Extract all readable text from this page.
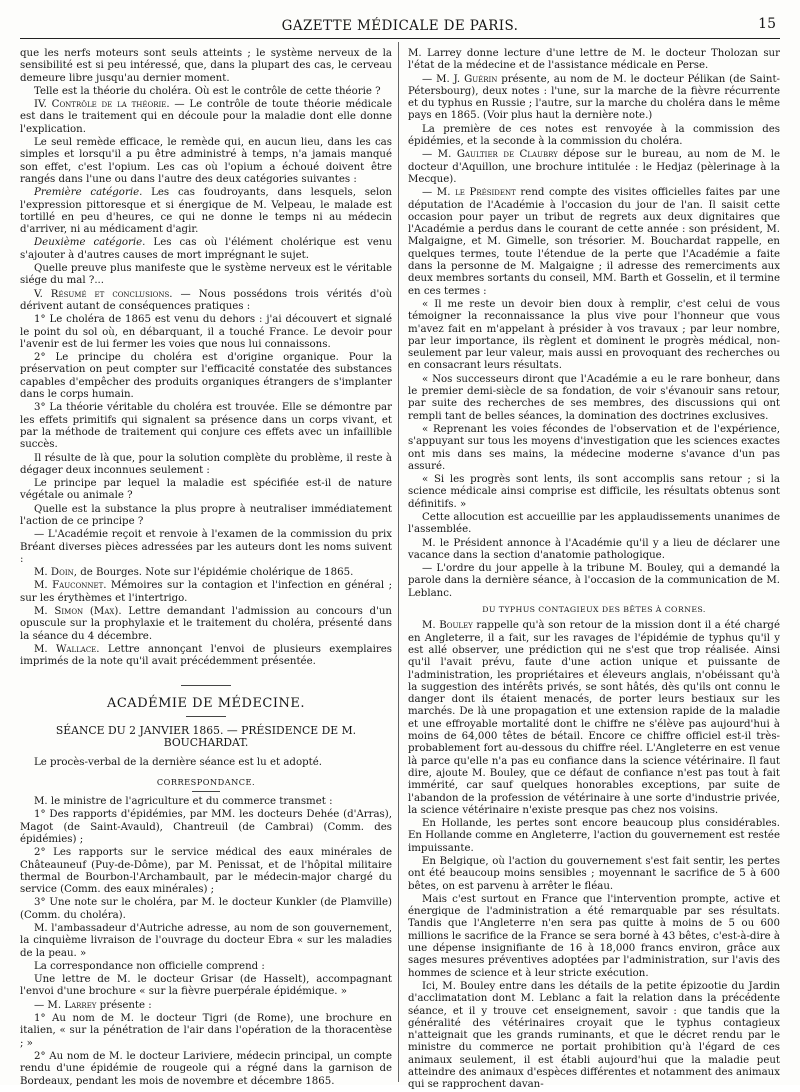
GAZETTE MÉDICALE DE PARIS.	15

que les nerfs moteurs sont seuls atteints ; le système nerveux de la sensibilité est si peu intéressé, que, dans la plupart des cas, le cerveau demeure libre jusqu'au dernier moment.

Telle est la théorie du choléra. Où est le contrôle de cette théorie ?

IV. Contrôle de la théorie. — Le contrôle de toute théorie médicale est dans le traitement qui en découle pour la maladie dont elle donne l'explication.

Le seul remède efficace, le remède qui, en aucun lieu, dans les cas simples et lorsqu'il a pu être administré à temps, n'a jamais manqué son effet, c'est l'opium. Les cas où l'opium a échoué doivent être rangés dans l'une ou dans l'autre des deux catégories suivantes :

Première catégorie. Les cas foudroyants, dans lesquels, selon l'expression pittoresque et si énergique de M. Velpeau, le malade est tortillé en peu d'heures, ce qui ne donne le temps ni au médecin d'arriver, ni au médicament d'agir.

Deuxième catégorie. Les cas où l'élément cholérique est venu s'ajouter à d'autres causes de mort imprégnant le sujet.

Quelle preuve plus manifeste que le système nerveux est le véritable siége du mal ?...

V. Résumé et conclusions. — Nous possédons trois vérités d'où dérivent autant de conséquences pratiques :

1° Le choléra de 1865 est venu du dehors : j'ai découvert et signalé le point du sol où, en débarquant, il a touché France. Le devoir pour l'avenir est de lui fermer les voies que nous lui connaissons.

2° Le principe du choléra est d'origine organique. Pour la préservation on peut compter sur l'efficacité constatée des substances capables d'empêcher des produits organiques étrangers de s'implanter dans le corps humain.

3° La théorie véritable du choléra est trouvée. Elle se démontre par les effets primitifs qui signalent sa présence dans un corps vivant, et par la méthode de traitement qui conjure ces effets avec un infaillible succès.

Il résulte de là que, pour la solution complète du problème, il reste à dégager deux inconnues seulement :

Le principe par lequel la maladie est spécifiée est-il de nature végétale ou animale ?

Quelle est la substance la plus propre à neutraliser immédiatement l'action de ce principe ?

— L'Académie reçoit et renvoie à l'examen de la commission du prix Bréant diverses pièces adressées par les auteurs dont les noms suivent :

M. Doin, de Bourges. Note sur l'épidémie cholérique de 1865.

M. Fauconnet. Mémoires sur la contagion et l'infection en général ; sur les érythèmes et l'intertrigo.

M. Simon (Max). Lettre demandant l'admission au concours d'un opuscule sur la prophylaxie et le traitement du choléra, présenté dans la séance du 4 décembre.

M. Wallace. Lettre annonçant l'envoi de plusieurs exemplaires imprimés de la note qu'il avait précédemment présentée.

ACADÉMIE DE MÉDECINE.
SÉANCE DU 2 JANVIER 1865. — PRÉSIDENCE DE M. BOUCHARDAT.

Le procès-verbal de la dernière séance est lu et adopté.

CORRESPONDANCE.

M. le ministre de l'agriculture et du commerce transmet :

1° Des rapports d'épidémies, par MM. les docteurs Dehée (d'Arras), Magot (de Saint-Avauld), Chantreuil (de Cambrai) (Comm. des épidémies) ;

2° Les rapports sur le service médical des eaux minérales de Châteauneuf (Puy-de-Dôme), par M. Penissat, et de l'hôpital militaire thermal de Bourbon-l'Archambault, par le médecin-major chargé du service (Comm. des eaux minérales) ;

3° Une note sur le choléra, par M. le docteur Kunkler (de Plamville) (Comm. du choléra).

M. l'ambassadeur d'Autriche adresse, au nom de son gouvernement, la cinquième livraison de l'ouvrage du docteur Ebra « sur les maladies de la peau. »

La correspondance non officielle comprend :

Une lettre de M. le docteur Grisar (de Hasselt), accompagnant l'envoi d'une brochure « sur la fièvre puerpérale épidémique. »

— M. Larrey présente :

1° Au nom de M. le docteur Tigri (de Rome), une brochure en italien, « sur la pénétration de l'air dans l'opération de la thoracentèse ; »

2° Au nom de M. le docteur Lariviere, médecin principal, un compte rendu d'une épidémie de rougeole qui a régné dans la garnison de Bordeaux, pendant les mois de novembre et décembre 1865.

M. Larrey donne lecture d'une lettre de M. le docteur Tholozan sur l'état de la médecine et de l'assistance médicale en Perse.

— M. J. Guérin présente, au nom de M. le docteur Pélikan (de Saint-Pétersbourg), deux notes : l'une, sur la marche de la fièvre récurrente et du typhus en Russie ; l'autre, sur la marche du choléra dans le même pays en 1865. (Voir plus haut la dernière note.)

La première de ces notes est renvoyée à la commission des épidémies, et la seconde à la commission du choléra.

— M. Gaultier de Claubry dépose sur le bureau, au nom de M. le docteur d'Aquillon, une brochure intitulée : le Hedjaz (pèlerinage à la Mecque).

— M. le Président rend compte des visites officielles faites par une députation de l'Académie à l'occasion du jour de l'an. Il saisit cette occasion pour payer un tribut de regrets aux deux dignitaires que l'Académie a perdus dans le courant de cette année : son président, M. Malgaigne, et M. Gimelle, son trésorier. M. Bouchardat rappelle, en quelques termes, toute l'étendue de la perte que l'Académie a faite dans la personne de M. Malgaigne ; il adresse des remerciments aux deux membres sortants du conseil, MM. Barth et Gosselin, et il termine en ces termes :

« Il me reste un devoir bien doux à remplir, c'est celui de vous témoigner la reconnaissance la plus vive pour l'honneur que vous m'avez fait en m'appelant à présider à vos travaux ; par leur nombre, par leur importance, ils règlent et dominent le progrès médical, non-seulement par leur valeur, mais aussi en provoquant des recherches ou en consacrant leurs résultats.

« Nos successeurs diront que l'Académie a eu le rare bonheur, dans le premier demi-siècle de sa fondation, de voir s'évanouir sans retour, par suite des recherches de ses membres, des discussions qui ont rempli tant de belles séances, la domination des doctrines exclusives.

« Reprenant les voies fécondes de l'observation et de l'expérience, s'appuyant sur tous les moyens d'investigation que les sciences exactes ont mis dans ses mains, la médecine moderne s'avance d'un pas assuré.

« Si les progrès sont lents, ils sont accomplis sans retour ; si la science médicale ainsi comprise est difficile, les résultats obtenus sont définitifs. »

Cette allocution est accueillie par les applaudissements unanimes de l'assemblée.

M. le Président annonce à l'Académie qu'il y a lieu de déclarer une vacance dans la section d'anatomie pathologique.

— L'ordre du jour appelle à la tribune M. Bouley, qui a demandé la parole dans la dernière séance, à l'occasion de la communication de M. Leblanc.

DU TYPHUS CONTAGIEUX DES BÊTES À CORNES.

M. Bouley rappelle qu'à son retour de la mission dont il a été chargé en Angleterre, il a fait, sur les ravages de l'épidémie de typhus qu'il y est allé observer, une prédiction qui ne s'est que trop réalisée. Ainsi qu'il l'avait prévu, faute d'une action unique et puissante de l'administration, les propriétaires et éleveurs anglais, n'obéissant qu'à la suggestion des intérêts privés, se sont hâtés, dès qu'ils ont connu le danger dont ils étaient menacés, de porter leurs bestiaux sur les marchés. De là une propagation et une extension rapide de la maladie et une effroyable mortalité dont le chiffre ne s'élève pas aujourd'hui à moins de 64,000 têtes de bétail. Encore ce chiffre officiel est-il très-probablement fort au-dessous du chiffre réel. L'Angleterre en est venue là parce qu'elle n'a pas eu confiance dans la science vétérinaire. Il faut dire, ajoute M. Bouley, que ce défaut de confiance n'est pas tout à fait immérité, car sauf quelques honorables exceptions, par suite de l'abandon de la profession de vétérinaire à une sorte d'industrie privée, la science vétérinaire n'existe presque pas chez nos voisins.

En Hollande, les pertes sont encore beaucoup plus considérables. En Hollande comme en Angleterre, l'action du gouvernement est restée impuissante.

En Belgique, où l'action du gouvernement s'est fait sentir, les pertes ont été beaucoup moins sensibles ; moyennant le sacrifice de 5 à 600 bêtes, on est parvenu à arrêter le fléau.

Mais c'est surtout en France que l'intervention prompte, active et énergique de l'administration a été remarquable par ses résultats. Tandis que l'Angleterre n'en sera pas quitte à moins de 5 ou 600 millions le sacrifice de la France se sera borné à 43 bêtes, c'est-à-dire à une dépense insignifiante de 16 à 18,000 francs environ, grâce aux sages mesures préventives adoptées par l'administration, sur l'avis des hommes de science et à leur stricte exécution.

Ici, M. Bouley entre dans les détails de la petite épizootie du Jardin d'acclimatation dont M. Leblanc a fait la relation dans la précédente séance, et il y trouve cet enseignement, savoir : que tandis que la généralité des vétérinaires croyait que le typhus contagieux n'atteignait que les grands ruminants, et que le décret rendu par le ministre du commerce ne portait prohibition qu'à l'égard de ces animaux seulement, il est établi aujourd'hui que la maladie peut atteindre des animaux d'espèces différentes et notamment des animaux qui se rapprochent davan-
